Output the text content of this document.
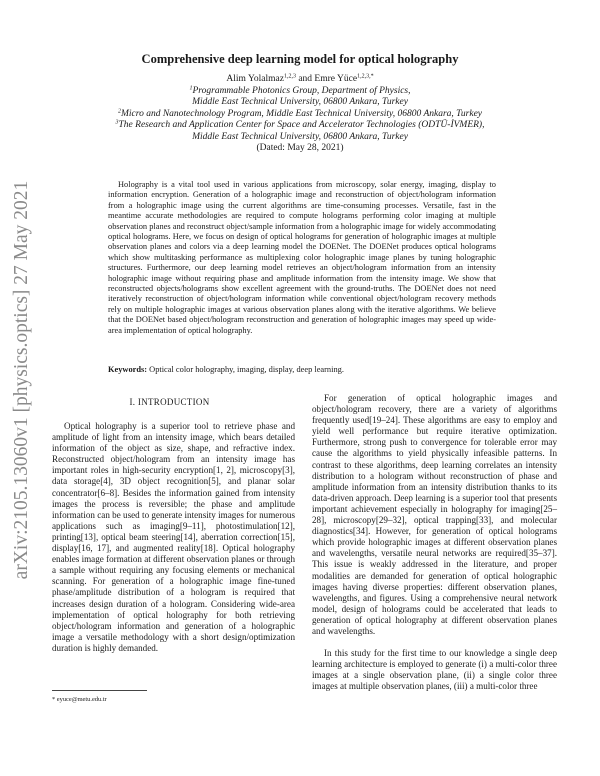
arXiv:2105.13060v1 [physics.optics] 27 May 2021
Comprehensive deep learning model for optical holography
Alim Yolalmaz$^{1,2,3}$ and Emre Yüce$^{1,2,3,*}$
$^1$Programmable Photonics Group, Department of Physics,
Middle East Technical University, 06800 Ankara, Turkey
$^2$Micro and Nanotechnology Program, Middle East Technical University, 06800 Ankara, Turkey
$^3$The Research and Application Center for Space and Accelerator Technologies (ODTÜ-İVMER),
Middle East Technical University, 06800 Ankara, Turkey
(Dated: May 28, 2021)

Holography is a vital tool used in various applications from microscopy, solar energy, imaging, display to information encryption. Generation of a holographic image and reconstruction of object/hologram information from a holographic image using the current algorithms are time-consuming processes. Versatile, fast in the meantime accurate methodologies are required to compute holograms performing color imaging at multiple observation planes and reconstruct object/sample information from a holographic image for widely accommodating optical holograms. Here, we focus on design of optical holograms for generation of holographic images at multiple observation planes and colors via a deep learning model the DOENet. The DOENet produces optical holograms which show multitasking performance as multiplexing color holographic image planes by tuning holographic structures. Furthermore, our deep learning model retrieves an object/hologram information from an intensity holographic image without requiring phase and amplitude information from the intensity image. We show that reconstructed objects/holograms show excellent agreement with the ground-truths. The DOENet does not need iteratively reconstruction of object/hologram information while conventional object/hologram recovery methods rely on multiple holographic images at various observation planes along with the iterative algorithms. We believe that the DOENet based object/hologram reconstruction and generation of holographic images may speed up wide-area implementation of optical holography.

Keywords: Optical color holography, imaging, display, deep learning.
I. INTRODUCTION

Optical holography is a superior tool to retrieve phase and amplitude of light from an intensity image, which bears detailed information of the object as size, shape, and refractive index. Reconstructed object/hologram from an intensity image has important roles in high-security encryption[1, 2], microscopy[3], data storage[4], 3D object recognition[5], and planar solar concentrator[6–8]. Besides the information gained from intensity images the process is reversible; the phase and amplitude information can be used to generate intensity images for numerous applications such as imaging[9–11], photostimulation[12], printing[13], optical beam steering[14], aberration correction[15], display[16, 17], and augmented reality[18]. Optical holography enables image formation at different observation planes or through a sample without requiring any focusing elements or mechanical scanning. For generation of a holographic image fine-tuned phase/amplitude distribution of a hologram is required that increases design duration of a hologram. Considering wide-area implementation of optical holography for both retrieving object/hologram information and generation of a holographic image a versatile methodology with a short design/optimization duration is highly demanded.

For generation of optical holographic images and object/hologram recovery, there are a variety of algorithms frequently used[19–24]. These algorithms are easy to employ and yield well performance but require iterative optimization. Furthermore, strong push to convergence for tolerable error may cause the algorithms to yield physically infeasible patterns. In contrast to these algorithms, deep learning correlates an intensity distribution to a hologram without reconstruction of phase and amplitude information from an intensity distribution thanks to its data-driven approach. Deep learning is a superior tool that presents important achievement especially in holography for imaging[25–28], microscopy[29–32], optical trapping[33], and molecular diagnostics[34]. However, for generation of optical holograms which provide holographic images at different observation planes and wavelengths, versatile neural networks are required[35–37]. This issue is weakly addressed in the literature, and proper modalities are demanded for generation of optical holographic images having diverse properties: different observation planes, wavelengths, and figures. Using a comprehensive neural network model, design of holograms could be accelerated that leads to generation of optical holography at different observation planes and wavelengths.

In this study for the first time to our knowledge a single deep learning architecture is employed to generate (i) a multi-color three images at a single observation plane, (ii) a single color three images at multiple observation planes, (iii) a multi-color three

* eyuce@metu.edu.tr
